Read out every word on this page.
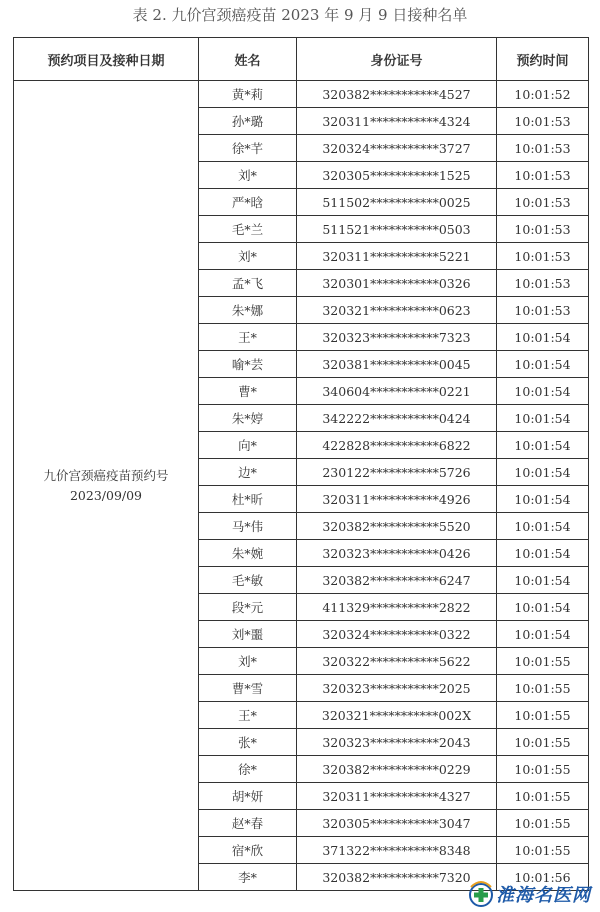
表 2. 九价宫颈癌疫苗 2023 年 9 月 9 日接种名单
预约项目及接种日期	姓名	身份证号	预约时间

九价宫颈癌疫苗预约号
2023/09/09	黄*莉	320382***********4527	10:01:52
	孙*璐	320311***********4324	10:01:53
	徐*芊	320324***********3727	10:01:53
	刘*	320305***********1525	10:01:53
	严*晗	511502***********0025	10:01:53
	毛*兰	511521***********0503	10:01:53
	刘*	320311***********5221	10:01:53
	孟*飞	320301***********0326	10:01:53
	朱*娜	320321***********0623	10:01:53
	王*	320323***********7323	10:01:54
	喻*芸	320381***********0045	10:01:54
	曹*	340604***********0221	10:01:54
	朱*婷	342222***********0424	10:01:54
	向*	422828***********6822	10:01:54
	边*	230122***********5726	10:01:54
	杜*昕	320311***********4926	10:01:54
	马*伟	320382***********5520	10:01:54
	朱*婉	320323***********0426	10:01:54
	毛*敏	320382***********6247	10:01:54
	段*元	411329***********2822	10:01:54
	刘*噩	320324***********0322	10:01:54
	刘*	320322***********5622	10:01:55
	曹*雪	320323***********2025	10:01:55
	王*	320321***********002X	10:01:55
	张*	320323***********2043	10:01:55
	徐*	320382***********0229	10:01:55
	胡*妍	320311***********4327	10:01:55
	赵*春	320305***********3047	10:01:55
	宿*欣	371322***********8348	10:01:55
	李*	320382***********7320	10:01:56
淮海名医网
